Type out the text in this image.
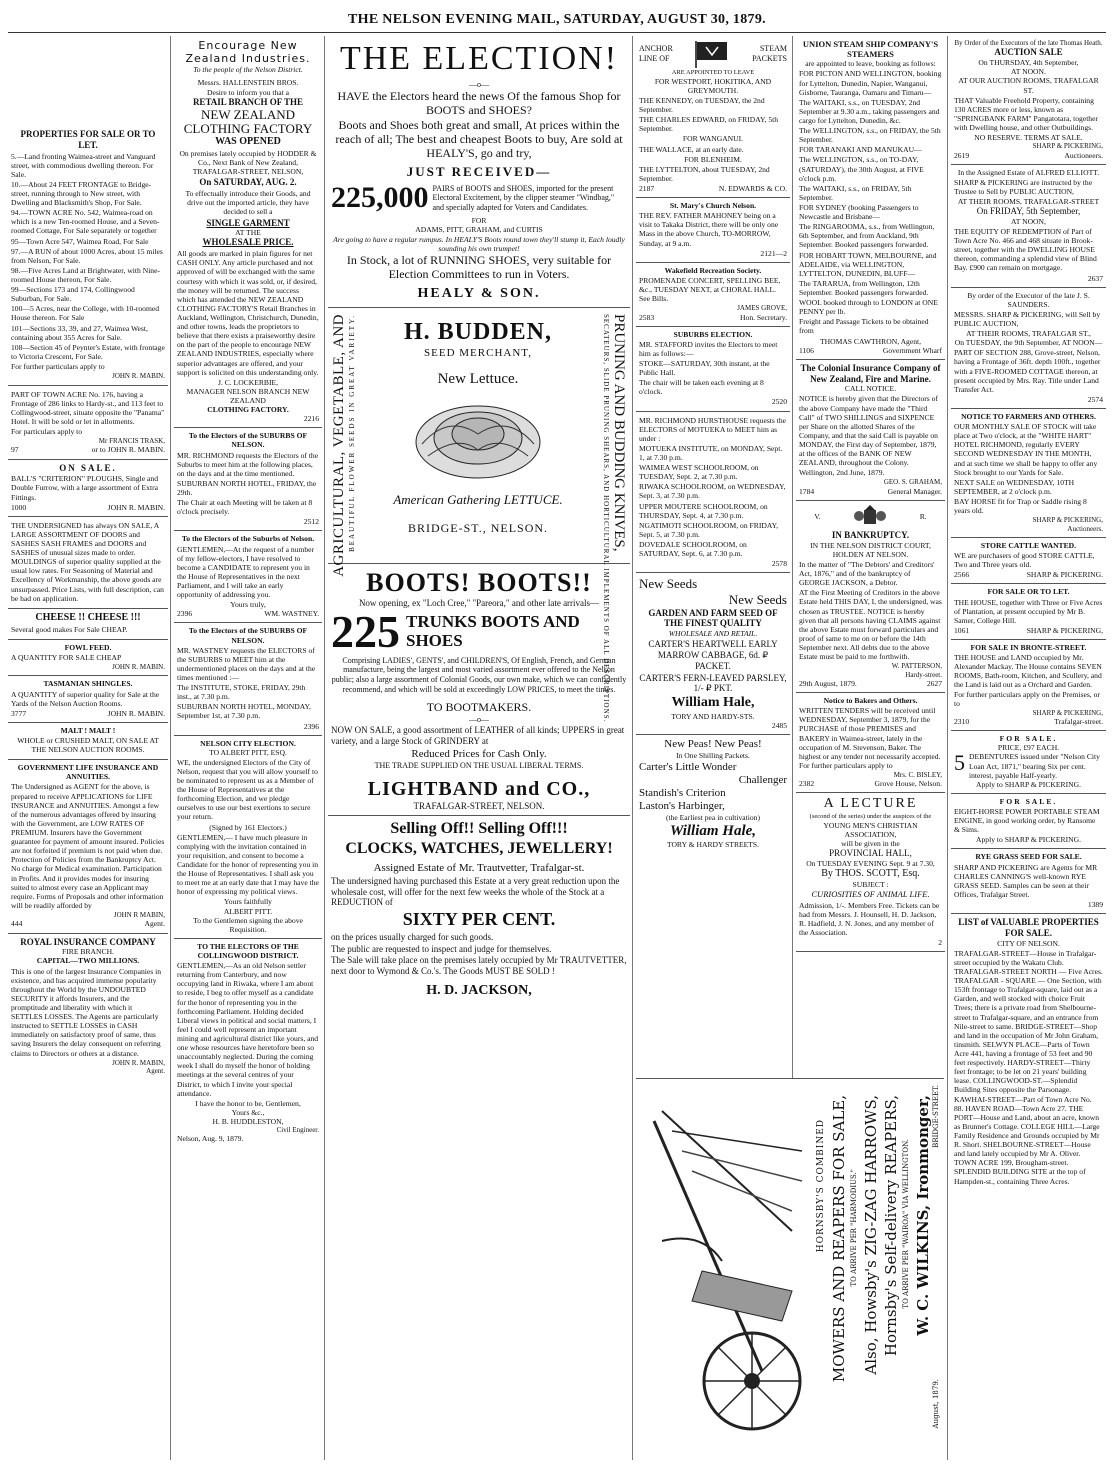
THE NELSON EVENING MAIL, SATURDAY, AUGUST 30, 1879.
PROPERTIES FOR SALE OR TO LET.

5.—Land fronting Waimea-street and Vanguard street, with commodious dwelling thereon. For Sale.

10.—About 24 FEET FRONTAGE to Bridge-street, running through to New street, with Dwelling and Blacksmith's Shop, For Sale.

94.—TOWN ACRE No. 542, Waimea-road on which is a new Ten-roomed House, and a Seven-roomed Cottage, For Sale separately or together

95—Town Acre 547, Waimea Road, For Sale

97.—A RUN of about 1000 Acres, about 15 miles from Nelson, For Sale.

98.—Five Acres Land at Brightwater, with Nine-roomed House thereon, For Sale.

99—Sections 173 and 174, Collingwood Suburban, For Sale.

100—5 Acres, near the College, with 10-roomed House thereon. For Sale

101—Sections 33, 39, and 27, Waimea West, containing about 355 Acres for Sale.

108—Section 45 of Peynter's Estate, with frontage to Victoria Crescent, For Sale.

For further particulars apply to

JOHN R. MABIN.

PART OF TOWN ACRE No. 176, having a Frontage of 286 links to Hardy-st., and 113 feet to Collingwood-street, situate opposite the "Panama" Hotel. It will be sold or let in allotments.

For particulars apply to

Mr FRANCIS TRASK,
97	or to JOHN R. MABIN.
ON SALE.

BALL'S "CRITERION" PLOUGHS, Single and Double Furrow, with a large assortment of Extra Fittings.

1000	JOHN R. MABIN.

THE UNDERSIGNED has always ON SALE, A LARGE ASSORTMENT OF DOORS and SASHES SASH FRAMES and DOORS and SASHES of unusual sizes made to order. MOULDINGS of superior quality supplied at the usual low rates. For Seasoning of Material and Excellency of Workmanship, the above goods are unsurpassed. Price Lists, with full description, can be had on application.

CHEESE !! CHEESE !!!

Several good makes For Sale CHEAP.

FOWL FEED.

A QUANTITY FOR SALE CHEAP

JOHN R. MABIN.
TASMANIAN SHINGLES.

A QUANTITY of superior quality for Sale at the Yards of the Nelson Auction Rooms.

3777	JOHN R. MABIN.
MALT ! MALT !

WHOLE or CRUSHED MALT, ON SALE AT THE NELSON AUCTION ROOMS.

GOVERNMENT LIFE INSURANCE AND ANNUITIES.

The Undersigned as AGENT for the above, is prepared to receive APPLICATIONS for LIFE INSURANCE and ANNUITIES. Amongst a few of the numerous advantages offered by insuring with the Government, are LOW RATES OF PREMIUM. Insurers have the Government guarantee for payment of amount insured. Policies are not forfeited if premium is not paid when due. Protection of Policies from the Bankruptcy Act. No charge for Medical examination. Participation in Profits. And it provides modes for insuring suited to almost every case an Applicant may require. Forms of Proposals and other information will be readily afforded by

JOHN R MABIN,
444	Agent.
ROYAL INSURANCE COMPANY
FIRE BRANCH.
CAPITAL—TWO MILLIONS.

This is one of the largest Insurance Companies in existence, and has acquired immense popularity throughout the World by the UNDOUBTED SECURITY it affords Insurers, and the promptitude and liberality with which it SETTLES LOSSES. The Agents are particularly instructed to SETTLE LOSSES in CASH immediately on satisfactory proof of same, thus saving Insurers the delay consequent on referring claims to Directors or others at a distance.

JOHN R. MABIN,
Agent.
Encourage New Zealand Industries.
To the people of the Nelson District.
Messrs. HALLENSTEIN BROS.
Desire to inform you that a
RETAIL BRANCH OF THE
NEW ZEALAND CLOTHING FACTORY
WAS OPENED

On premises lately occupied by HODDER & Co., Next Bank of New Zealand, TRAFALGAR-STREET, NELSON,

On SATURDAY, AUG. 2.

To effectually introduce their Goods, and drive out the imported article, they have decided to sell a

SINGLE GARMENT
AT THE
WHOLESALE PRICE.

All goods are marked in plain figures for net CASH ONLY. Any article purchased and not approved of will be exchanged with the same courtesy with which it was sold, or, if desired, the money will be returned. The success which has attended the NEW ZEALAND CLOTHING FACTORY'S Retail Branches in Auckland, Wellington, Christchurch, Dunedin, and other towns, leads the proprietors to believe that there exists a praiseworthy desire on the part of the people to encourage NEW ZEALAND INDUSTRIES, especially where superior advantages are offered, and your support is solicited on this understanding only.

J. C. LOCKERBIE,
MANAGER NELSON BRANCH NEW ZEALAND
CLOTHING FACTORY.
2216
To the Electors of the SUBURBS OF NELSON.

MR. RICHMOND requests the Electors of the Suburbs to meet him at the following places, on the days and at the time mentioned.

SUBURBAN NORTH HOTEL, FRIDAY, the 29th.

The Chair at each Meeting will be taken at 8 o'clock precisely.

2512
To the Electors of the Suburbs of Nelson.

GENTLEMEN,—At the request of a number of my fellow-electors, I have resolved to become a CANDIDATE to represent you in the House of Representatives in the next Parliament, and I will take an early opportunity of addressing you.

Yours truly,
2396	WM. WASTNEY.
To the Electors of the SUBURBS OF NELSON.

MR. WASTNEY requests the ELECTORS of the SUBURBS to MEET him at the undermentioned places on the days and at the times mentioned :—

The INSTITUTE, STOKE, FRIDAY, 29th inst., at 7.30 p.m.

SUBURBAN NORTH HOTEL, MONDAY, September 1st, at 7.30 p.m.

2396
NELSON CITY ELECTION.
TO ALBERT PITT, ESQ.

WE, the undersigned Electors of the City of Nelson, request that you will allow yourself to be nominated to represent us as a Member of the House of Representatives at the forthcoming Election, and we pledge ourselves to use our best exertions to secure your return.

(Signed by 161 Electors.)

GENTLEMEN,— I have much pleasure in complying with the invitation contained in your requisition, and consent to become a Candidate for the honor of representing you in the House of Representatives. I shall ask you to meet me at an early date that I may have the honor of expressing my political views.

Yours faithfully
ALBERT PITT.
To the Gentlemen signing the above Requisition.
TO THE ELECTORS OF THE COLLINGWOOD DISTRICT.

GENTLEMEN,—As an old Nelson settler returning from Canterbury, and now occupying land in Riwaka, where I am about to reside, I beg to offer myself as a candidate for the honor of representing you in the forthcoming Parliament. Holding decided Liberal views in political and social matters, I feel I could well represent an important mining and agricultural district like yours, and one whose resources have heretofore been so unaccountably neglected. During the coming week I shall do myself the honor of holding meetings at the several centres of your District, to which I invite your special attendance.

I have the honor to be, Gentlemen,
Yours &c.,
H. B. HUDDLESTON,
Civil Engineer.
Nelson, Aug. 9, 1879.
THE ELECTION!
—o—

HAVE the Electors heard the news Of the famous Shop for BOOTS and SHOES?

Boots and Shoes both great and small, At prices within the reach of all; The best and cheapest Boots to buy, Are sold at HEALY'S, go and try,

JUST RECEIVED—
225,000 PAIRS of BOOTS and SHOES, imported for the present Electoral Excitement, by the clipper steamer "Windbag," and specially adapted for Voters and Candidates.
FOR
ADAMS, PITT, GRAHAM, and CURTIS

Are going to have a regular rumpus. In HEALY'S Boots round town they'll stump it, Each loudly sounding his own trumpet!

In Stock, a lot of RUNNING SHOES, very suitable for Election Committees to run in Voters.

HEALY & SON.
AGRICULTURAL, VEGETABLE, AND BEAUTIFUL FLOWER SEEDS IN GREAT VARIETY.	H. BUDDEN,
SEED MERCHANT,
New Lettuce.
American Gathering LETTUCE.
BRIDGE-ST., NELSON.	SECATEURS, SLIDE PRUNING SHEARS, AND HORTICULTURAL IMPLEMENTS OF ALL DESCRIPTIONS. PRUNING AND BUDDING KNIVES,
BOOTS! BOOTS!!
Now opening, ex "Loch Cree," "Pareora," and other late arrivals—
225 TRUNKS BOOTS AND SHOES

Comprising LADIES', GENTS', and CHILDREN'S, Of English, French, and German manufacture, being the largest and most varied assortment ever offered to the Nelson public; also a large assortment of Colonial Goods, our own make, which we can confidently recommend, and which will be sold at exceedingly LOW PRICES, to meet the times.

TO BOOTMAKERS.
—o—

NOW ON SALE, a good assortment of LEATHER of all kinds; UPPERS in great variety, and a large Stock of GRINDERY at

Reduced Prices for Cash Only.
THE TRADE SUPPLIED ON THE USUAL LIBERAL TERMS.
LIGHTBAND and CO.,
TRAFALGAR-STREET, NELSON.
Selling Off!! Selling Off!!!
CLOCKS, WATCHES, JEWELLERY!
Assigned Estate of Mr. Trautvetter, Trafalgar-st.

The undersigned having purchased this Estate at a very great reduction upon the wholesale cost, will offer for the next few weeks the whole of the Stock at a REDUCTION of

SIXTY PER CENT.

on the prices usually charged for such goods.

The public are requested to inspect and judge for themselves.

The Sale will take place on the premises lately occupied by Mr TRAUTVETTER, next door to Wymond & Co.'s. The Goods MUST BE SOLD !

H. D. JACKSON,
ANCHOR
LINE OF
STEAM
PACKETS
ARE APPOINTED TO LEAVE
FOR WESTPORT, HOKITIKA, AND GREYMOUTH.

THE KENNEDY, on TUESDAY, the 2nd September.

THE CHARLES EDWARD, on FRIDAY, 5th September.

FOR WANGANUI.

THE WALLACE, at an early date.

FOR BLENHEIM.

THE LYTTELTON, about TUESDAY, 2nd September.

2187	N. EDWARDS & CO.
St. Mary's Church Nelson.

THE REV. FATHER MAHONEY being on a visit to Takaka District, there will be only one Mass in the above Church, TO-MORROW, Sunday, at 9 a.m.

2121—2
Wakefield Recreation Society.

PROMENADE CONCERT, SPELLING BEE, &c., TUESDAY NEXT, at CHORAL HALL. See Bills.

JAMES GROVE,
2583	Hon. Secretary.
SUBURBS ELECTION.

MR. STAFFORD invites the Electors to meet him as follows:—

STOKE—SATURDAY, 30th instant, at the Public Hall.

The chair will be taken each evening at 8 o'clock.

2520

MR. RICHMOND HURSTHOUSE requests the ELECTORS of MOTUEKA to MEET him as under :

MOTUEKA INSTITUTE, on MONDAY, Sept. 1, at 7.30 p.m.

WAIMEA WEST SCHOOLROOM, on TUESDAY, Sept. 2, at 7.30 p.m.

RIWAKA SCHOOLROOM, on WEDNESDAY, Sept. 3, at 7.30 p.m.

UPPER MOUTERE SCHOOLROOM, on THURSDAY, Sept. 4, at 7.30 p.m.

NGATIMOTI SCHOOLROOM, on FRIDAY, Sept. 5, at 7.30 p.m.

DOVEDALE SCHOOLROOM, on SATURDAY, Sept. 6, at 7.30 p.m.

2578
New Seeds
New Seeds
GARDEN AND FARM SEED OF THE FINEST QUALITY
WHOLESALE AND RETAIL.

CARTER'S HEARTWELL EARLY MARROW CABBAGE, 6d. ₽ PACKET.

CARTER'S FERN-LEAVED PARSLEY, 1/- ₽ PKT.

William Hale,
TORY AND HARDY-STS.
2485
New Peas! New Peas!
In One Shilling Packets.
Carter's Little Wonder
Challenger
Standish's Criterion
Laston's Harbinger,
(the Earliest pea in cultivation)
William Hale,
TORY & HARDY STREETS.
UNION STEAM SHIP COMPANY'S STEAMERS
are appointed to leave, booking as follows:

FOR PICTON AND WELLINGTON, booking for Lyttelton, Dunedin, Napier, Wanganui, Gisborne, Tauranga, Oamaru and Timaru—

The WAITAKI, s.s., on TUESDAY, 2nd September at 9.30 a.m., taking passengers and cargo for Lyttelton, Dunedin, &c.

The WELLINGTON, s.s., on FRIDAY, the 5th September.

FOR TARANAKI AND MANUKAU—

The WELLINGTON, s.s., on TO-DAY, (SATURDAY), the 30th August, at FIVE o'clock p.m.

The WAITAKI, s.s., on FRIDAY, 5th September.

FOR SYDNEY (booking Passengers to Newcastle and Brisbane—

The RINGAROOMA, s.s., from Wellington, 6th September, and from Auckland, 9th September. Booked passengers forwarded.

FOR HOBART TOWN, MELBOURNE, and ADELAIDE, via WELLINGTON, LYTTELTON, DUNEDIN, BLUFF—

The TARARUA, from Wellington, 12th September. Booked passengers forwarded.

WOOL booked through to LONDON at ONE PENNY per lb.

Freight and Passage Tickets to be obtained from

THOMAS CAWTHRON, Agent,
1106	Government Wharf
The Colonial Insurance Company of New Zealand, Fire and Marine.
CALL NOTICE.

NOTICE is hereby given that the Directors of the above Company have made the "Third Call" of TWO SHILLINGS and SIXPENCE per Share on the allotted Shares of the Company, and that the said Call is payable on MONDAY, the First day of September, 1879, at the offices of the BANK OF NEW ZEALAND, throughout the Colony.

Wellington, 2nd June, 1879.

GEO. S. GRAHAM,
1784	General Manager.
V.	R.
IN BANKRUPTCY.
IN THE NELSON DISTRICT COURT, HOLDEN AT NELSON.

In the matter of "The Debtors' and Creditors' Act, 1876," and of the bankruptcy of GEORGE JACKSON, a Debtor.

AT the First Meeting of Creditors in the above Estate held THIS DAY, I, the undersigned, was chosen as TRUSTEE. NOTICE is hereby given that all persons having CLAIMS against the above Estate must forward particulars and proof of same to me on or before the 14th September next. All debts due to the above Estate must be paid to me forthwith.

W. PATTERSON,
Hardy-street.
29th August, 1879.	2627
Notice to Bakers and Others.

WRITTEN TENDERS will be received until WEDNESDAY, September 3, 1879, for the PURCHASE of those PREMISES and BAKERY in Waimea-street, lately in the occupation of M. Stevenson, Baker. The highest or any tender not necessarily accepted. For further particulars apply to

Mrs. C. BISLEY,
2382	Grove House, Nelson.
A LECTURE
(second of the series) under the auspices of the
YOUNG MEN'S CHRISTIAN ASSOCIATION,
will be given in the
PROVINCIAL HALL,
On TUESDAY EVENING Sept. 9 at 7.30,
By THOS. SCOTT, Esq.
SUBJECT :
CURIOSITIES OF ANIMAL LIFE.

Admission, 1/-. Members Free. Tickets can be had from Messrs. J. Hounsell, H. D. Jackson, R. Hadfield, J. N. Jones, and any member of the Association.

2
HORNSBY'S COMBINED MOWERS AND REAPERS FOR SALE, TO ARRIVE PER "HARMODIUS." Also, Howsby's ZIG-ZAG HARROWS, Hornsby's Self-delivery REAPERS, TO ARRIVE PER "WAIROA" VIA WELLINGTON. W. C. WILKINS, Ironmonger, BRIDGE-STREET.
August, 1879.
By Order of the Executors of the late Thomas Heath.
AUCTION SALE
On THURSDAY, 4th September,
AT NOON.
AT OUR AUCTION ROOMS, TRAFALGAR ST.

THAT Valuable Freehold Property, containing 130 ACRES more or less, known as "SPRINGBANK FARM" Pangatotara, together with Dwelling house, and other Outbuildings.

NO RESERVE. TERMS AT SALE.
SHARP & PICKERING,
2619	Auctioneers.
In the Assigned Estate of ALFRED ELLIOTT.

SHARP & PICKERING are instructed by the Trustee to Sell by PUBLIC AUCTION,

AT THEIR ROOMS, TRAFALGAR-STREET
On FRIDAY, 5th September,
AT NOON,

THE EQUITY OF REDEMPTION of Part of Town Acre No. 466 and 468 situate in Brook-street, together with the DWELLING HOUSE thereon, commanding a splendid view of Blind Bay. £900 can remain on mortgage.

2637
By order of the Executor of the late J. S. SAUNDERS.

MESSRS. SHARP & PICKERING, will Sell by PUBLIC AUCTION,

AT THEIR ROOMS, TRAFALGAR ST.,
On TUESDAY, the 9th September, AT NOON—

PART OF SECTION 288, Grove-street, Nelson, having a Frontage of 36ft. depth 100ft., together with a FIVE-ROOMED COTTAGE thereon, at present occupied by Mrs. Ray. Title under Land Transfer Act.

2574
NOTICE TO FARMERS AND OTHERS.

OUR MONTHLY SALE OF STOCK will take place at Two o'clock, at the "WHITE HART" HOTEL RICHMOND, regularly EVERY SECOND WEDNESDAY IN THE MONTH, and at such time we shall be happy to offer any Stock brought to our Yards for Sale.

NEXT SALE on WEDNESDAY, 10TH SEPTEMBER, at 2 o'clock p.m.

BAY HORSE fit for Trap or Saddle rising 8 years old.

SHARP & PICKERING,
Auctioneers.
STORE CATTLE WANTED.

WE are purchasers of good STORE CATTLE, Two and Three years old.

2566	SHARP & PICKERING.
FOR SALE OR TO LET.

THE HOUSE, together with Three or Five Acres of Plantation, at present occupied by Mr B. Samer, College Hill.

1061	SHARP & PICKERING,
FOR SALE IN BRONTE-STREET.

THE HOUSE and LAND occupied by Mr. Alexander Mackay. The House contains SEVEN ROOMS, Bath-room, Kitchen, and Scullery, and the Land is laid out as a Orchard and Garden. For further particulars apply on the Premises, or to

SHARP & PICKERING,
2310	Trafalgar-street.
FOR SALE.
PRICE, £97 EACH.
5 DEBENTURES issued under "Nelson City Loan Act, 1871," bearing Six per cent. interest, payable Half-yearly.
Apply to SHARP & PICKERING.
FOR SALE.

EIGHT-HORSE POWER PORTABLE STEAM ENGINE, in good working order, by Ransome & Sims.

Apply to SHARP & PICKERING.
RYE GRASS SEED FOR SALE.

SHARP AND PICKERING are Agents for MR CHARLES CANNING'S well-known RYE GRASS SEED. Samples can be seen at their Offices, Trafalgar Street.

1389
LIST of VALUABLE PROPERTIES FOR SALE.
CITY OF NELSON.

TRAFALGAR-STREET—House in Trafalgar-street occupied by the Wakatu Club. TRAFALGAR-STREET NORTH — Five Acres. TRAFALGAR - SQUARE — One Section, with 153ft frontage to Trafalgar-square, laid out as a Garden, and well stocked with choice Fruit Trees; there is a private road from Shelbourne-street to Trafalgar-square, and an entrance from Nile-street to same. BRIDGE-STREET—Shop and land in the occupation of Mr John Graham, tinsmith. SELWYN PLACE—Parts of Town Acre 441, having a frontage of 53 feet and 90 feet respectively. HARDY-STREET—Thirty feet frontage; to be let on 21 years' building lease. COLLINGWOOD-ST.—Splendid Building Sites opposite the Parsonage. KAWHAI-STREET—Part of Town Acre No. 88. HAVEN ROAD—Town Acre 27. THE PORT—House and Land, about an acre, known as Brunner's Cottage. COLLEGE HILL—Large Family Residence and Grounds occupied by Mr R. Short. SHELBOURNE-STREET—House and land lately occupied by Mr A. Oliver. TOWN ACRE 199, Brougham-street. SPLENDID BUILDING SITE at the top of Hampden-st., containing Three Acres.
